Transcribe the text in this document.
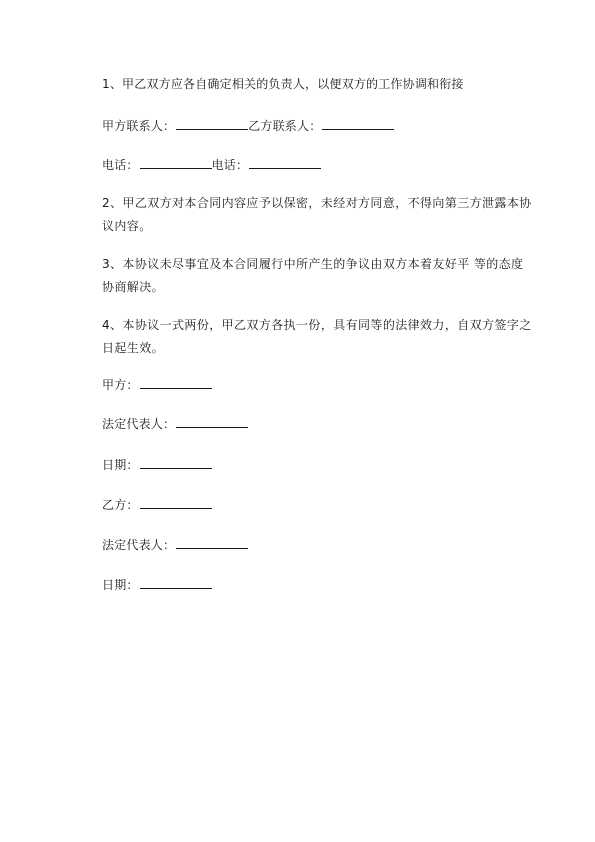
1、甲乙双方应各自确定相关的负责人，以便双方的工作协调和衔接
甲方联系人：	乙方联系人：
电话：	电话：
2、甲乙双方对本合同内容应予以保密，未经对方同意，不得向第三方泄露本协议内容。
3、本协议未尽事宜及本合同履行中所产生的争议由双方本着友好平 等的态度协商解决。
4、本协议一式两份，甲乙双方各执一份，具有同等的法律效力，自双方签字之日起生效。
甲方：
法定代表人：
日期：
乙方：
法定代表人：
日期：
